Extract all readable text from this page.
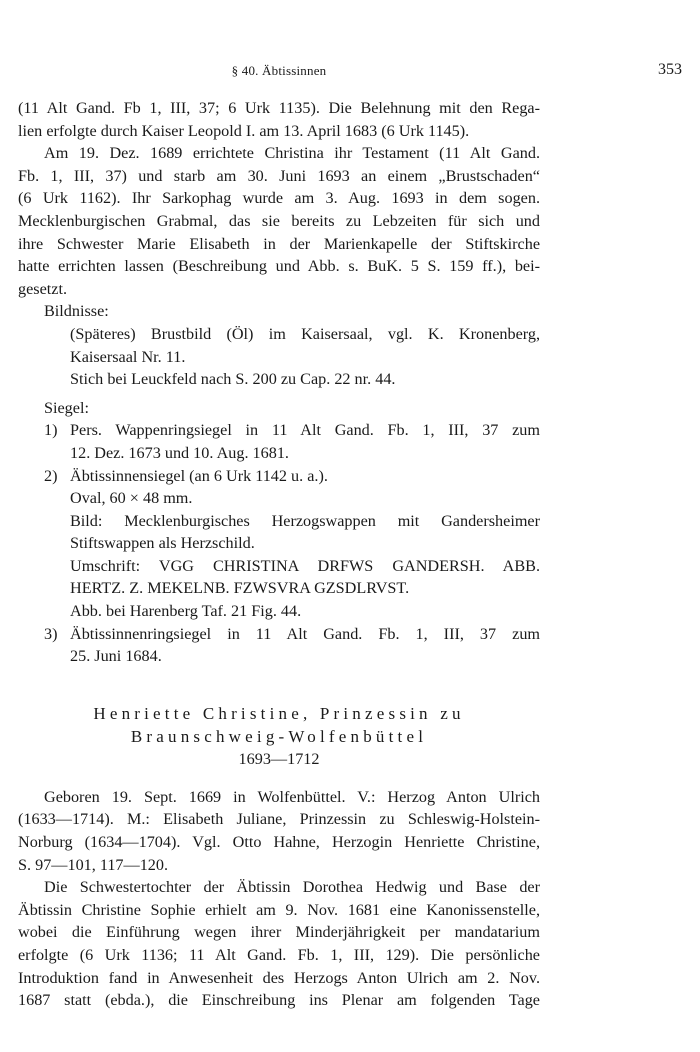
§ 40. Äbtissinnen	353
(11 Alt Gand. Fb 1, III, 37; 6 Urk 1135). Die Belehnung mit den Rega-
lien erfolgte durch Kaiser Leopold I. am 13. April 1683 (6 Urk 1145).
Am 19. Dez. 1689 errichtete Christina ihr Testament (11 Alt Gand.
Fb. 1, III, 37) und starb am 30. Juni 1693 an einem „Brustschaden“
(6 Urk 1162). Ihr Sarkophag wurde am 3. Aug. 1693 in dem sogen.
Mecklenburgischen Grabmal, das sie bereits zu Lebzeiten für sich und
ihre Schwester Marie Elisabeth in der Marienkapelle der Stiftskirche
hatte errichten lassen (Beschreibung und Abb. s. BuK. 5 S. 159 ff.), bei-
gesetzt.
Bildnisse:
(Späteres) Brustbild (Öl) im Kaisersaal, vgl. K. Kronenberg,
Kaisersaal Nr. 11.
Stich bei Leuckfeld nach S. 200 zu Cap. 22 nr. 44.
Siegel:
1) Pers. Wappenringsiegel in 11 Alt Gand. Fb. 1, III, 37 zum
12. Dez. 1673 und 10. Aug. 1681.
2) Äbtissinnensiegel (an 6 Urk 1142 u. a.).
Oval, 60 × 48 mm.
Bild: Mecklenburgisches Herzogswappen mit Gandersheimer
Stiftswappen als Herzschild.
Umschrift: VGG CHRISTINA DRFWS GANDERSH. ABB.
HERTZ. Z. MEKELNB. FZWSVRA GZSDLRVST.
Abb. bei Harenberg Taf. 21 Fig. 44.
3) Äbtissinnenringsiegel in 11 Alt Gand. Fb. 1, III, 37 zum
25. Juni 1684.
Henriette Christine, Prinzessin zu
Braunschweig-Wolfenbüttel
1693—1712
Geboren 19. Sept. 1669 in Wolfenbüttel. V.: Herzog Anton Ulrich
(1633—1714). M.: Elisabeth Juliane, Prinzessin zu Schleswig-Holstein-
Norburg (1634—1704). Vgl. Otto Hahne, Herzogin Henriette Christine,
S. 97—101, 117—120.
Die Schwestertochter der Äbtissin Dorothea Hedwig und Base der
Äbtissin Christine Sophie erhielt am 9. Nov. 1681 eine Kanonissenstelle,
wobei die Einführung wegen ihrer Minderjährigkeit per mandatarium
erfolgte (6 Urk 1136; 11 Alt Gand. Fb. 1, III, 129). Die persönliche
Introduktion fand in Anwesenheit des Herzogs Anton Ulrich am 2. Nov.
1687 statt (ebda.), die Einschreibung ins Plenar am folgenden Tage
